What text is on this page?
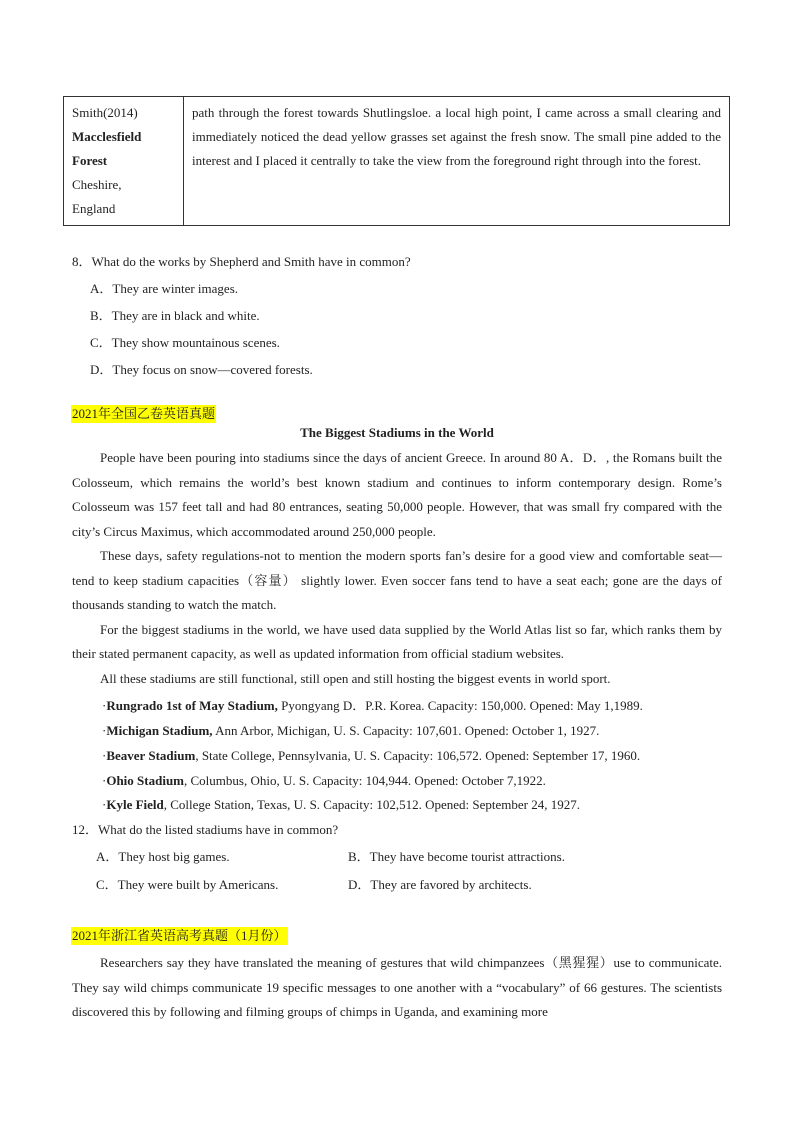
Smith(2014)
Macclesfield
Forest
Cheshire,
England
	path through the forest towards Shutlingsloe. a local high point, I came across a small clearing and immediately noticed the dead yellow grasses set against the fresh snow. The small pine added to the interest and I placed it centrally to take the view from the foreground right through into the forest.
8．What do the works by Shepherd and Smith have in common?
A．They are winter images.
B．They are in black and white.
C．They show mountainous scenes.
D．They focus on snow—covered forests.
2021年全国乙卷英语真题
The Biggest Stadiums in the World

People have been pouring into stadiums since the days of ancient Greece. In around 80 A．D．, the Romans built the Colosseum, which remains the world’s best known stadium and continues to inform contemporary design. Rome’s Colosseum was 157 feet tall and had 80 entrances, seating 50,000 people. However, that was small fry compared with the city’s Circus Maximus, which accommodated around 250,000 people.

These days, safety regulations-not to mention the modern sports fan’s desire for a good view and comfortable seat—tend to keep stadium capacities（容量） slightly lower. Even soccer fans tend to have a seat each; gone are the days of thousands standing to watch the match.

For the biggest stadiums in the world, we have used data supplied by the World Atlas list so far, which ranks them by their stated permanent capacity, as well as updated information from official stadium websites.

All these stadiums are still functional, still open and still hosting the biggest events in world sport.

·Rungrado 1st of May Stadium, Pyongyang D．P.R. Korea. Capacity: 150,000. Opened: May 1,1989.
·Michigan Stadium, Ann Arbor, Michigan, U. S. Capacity: 107,601. Opened: October 1, 1927.
·Beaver Stadium, State College, Pennsylvania, U. S. Capacity: 106,572. Opened: September 17, 1960.
·Ohio Stadium, Columbus, Ohio, U. S. Capacity: 104,944. Opened: October 7,1922.
·Kyle Field, College Station, Texas, U. S. Capacity: 102,512. Opened: September 24, 1927.
12．What do the listed stadiums have in common?
A．They host big games.	B．They have become tourist attractions.
C．They were built by Americans.	D．They are favored by architects.
2021年浙江省英语高考真题（1月份）

Researchers say they have translated the meaning of gestures that wild chimpanzees（黑猩猩）use to communicate. They say wild chimps communicate 19 specific messages to one another with a “vocabulary” of 66 gestures. The scientists discovered this by following and filming groups of chimps in Uganda, and examining more
